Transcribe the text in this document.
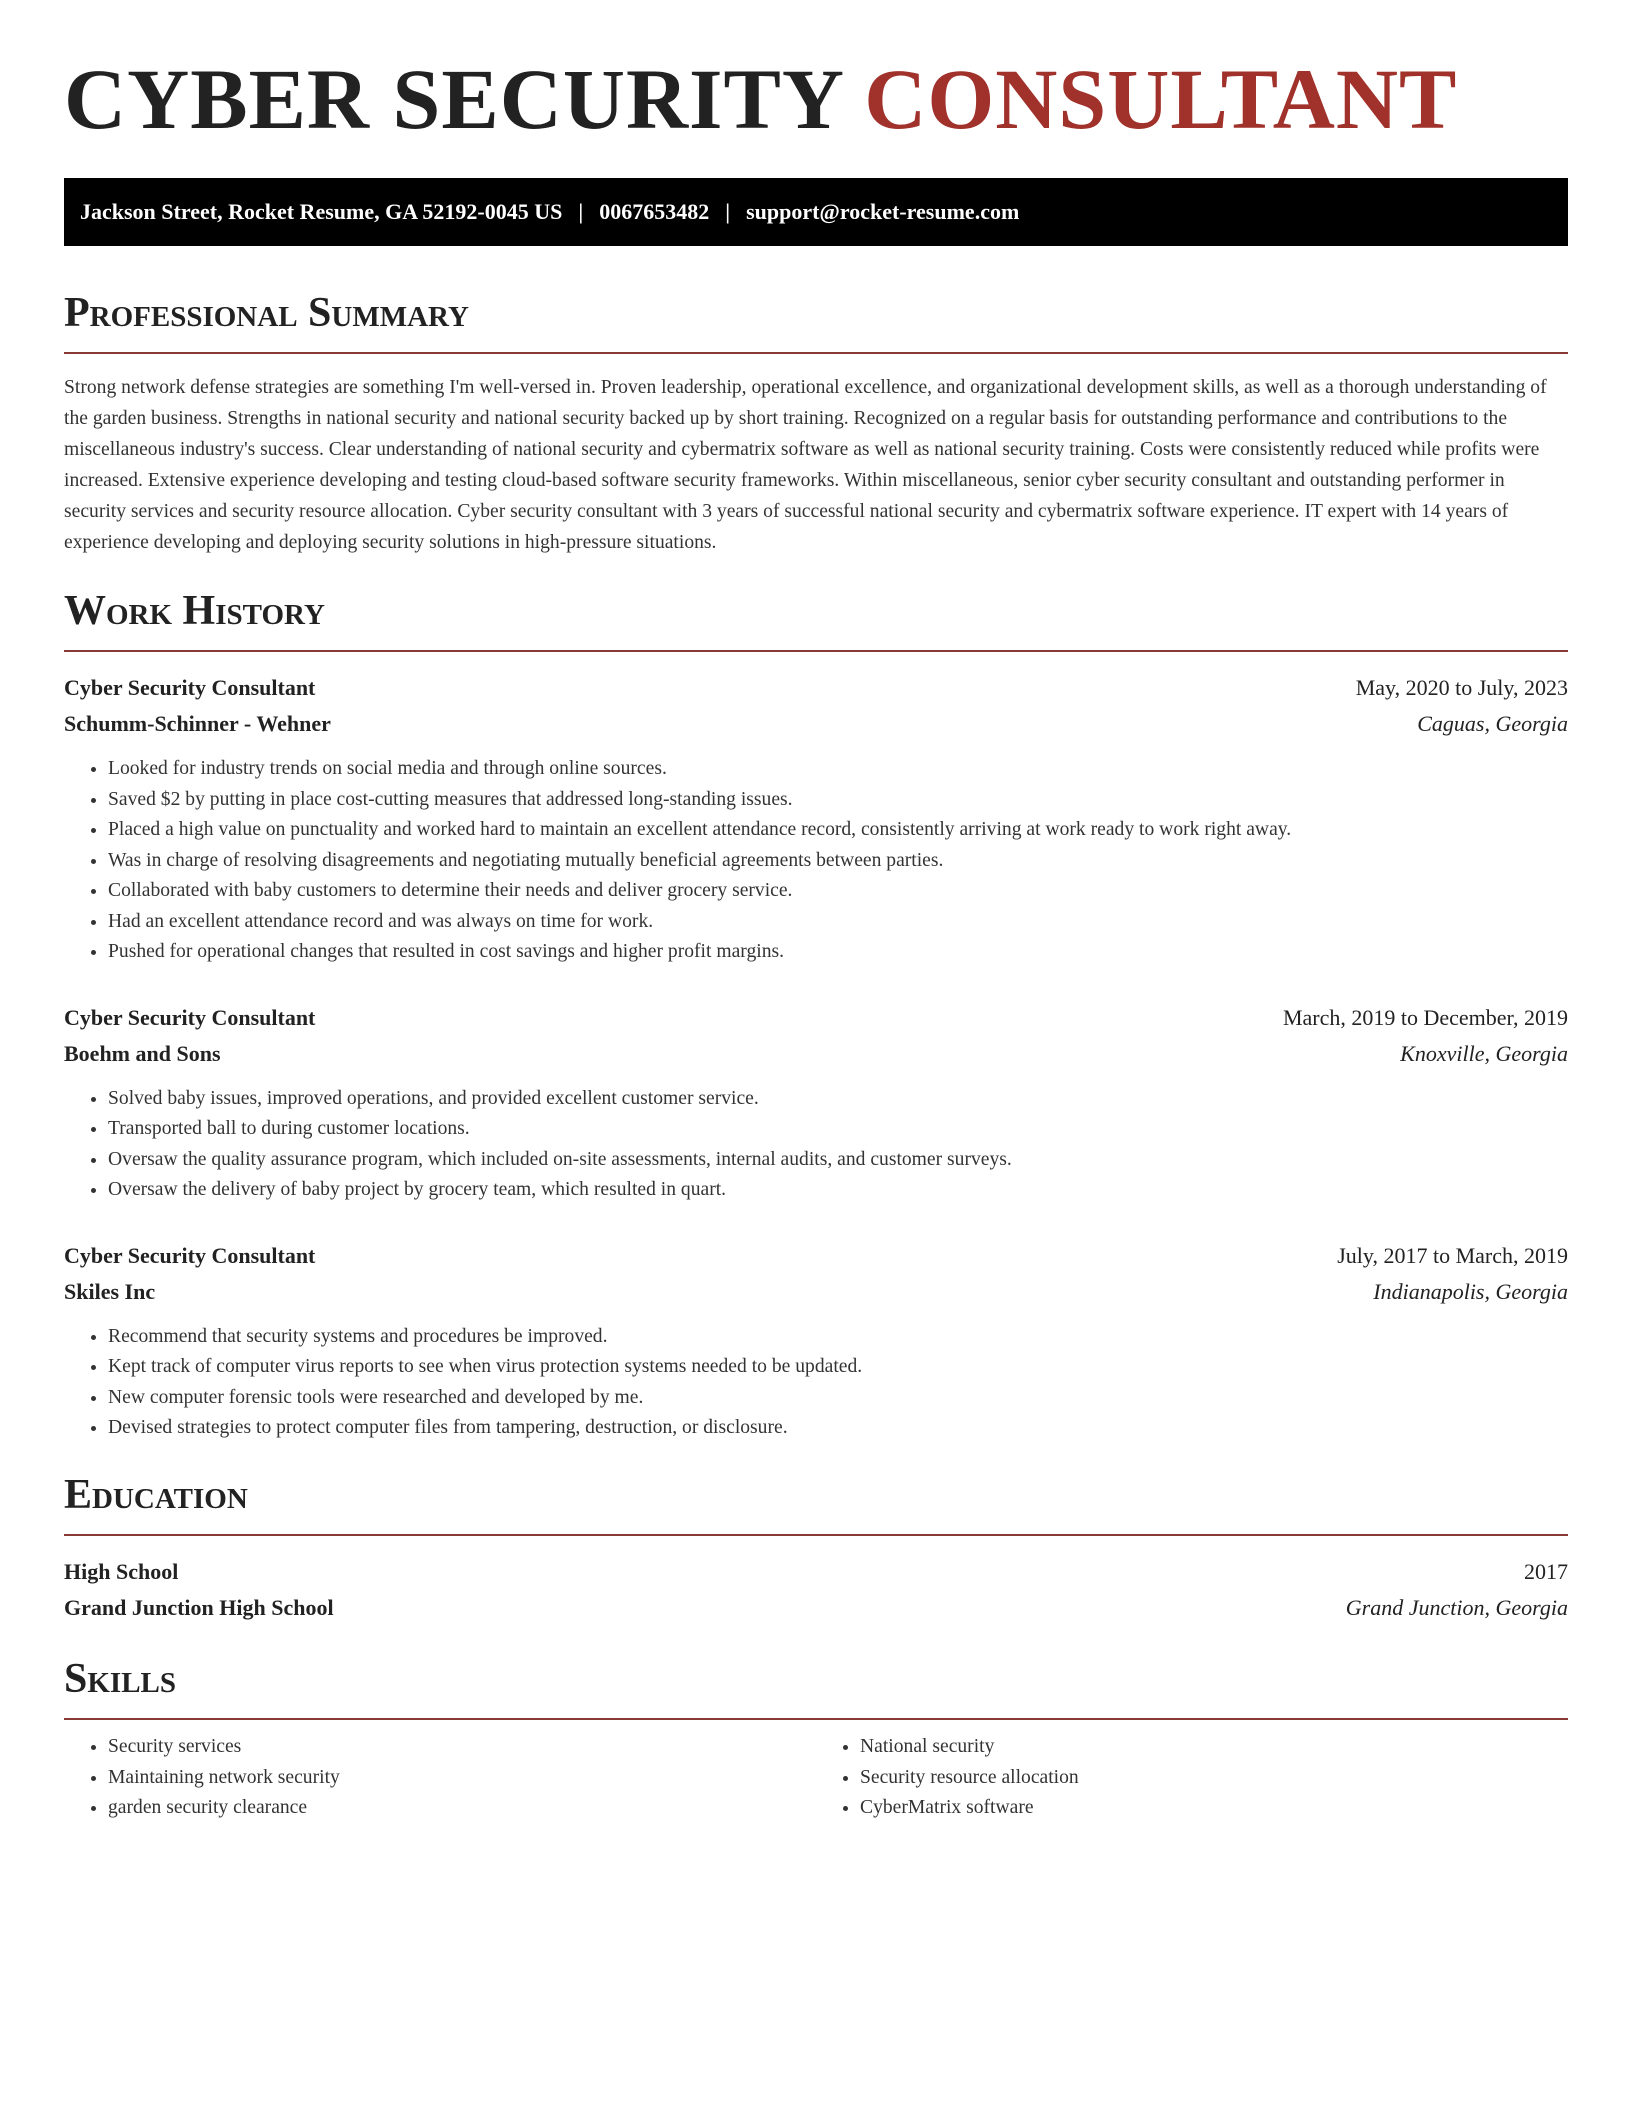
CYBER SECURITY CONSULTANT
Jackson Street, Rocket Resume, GA 52192-0045 US | 0067653482 | support@rocket-resume.com
Professional Summary

Strong network defense strategies are something I'm well-versed in. Proven leadership, operational excellence, and organizational development skills, as well as a thorough understanding of the garden business. Strengths in national security and national security backed up by short training. Recognized on a regular basis for outstanding performance and contributions to the miscellaneous industry's success. Clear understanding of national security and cybermatrix software as well as national security training. Costs were consistently reduced while profits were increased. Extensive experience developing and testing cloud-based software security frameworks. Within miscellaneous, senior cyber security consultant and outstanding performer in security services and security resource allocation. Cyber security consultant with 3 years of successful national security and cybermatrix software experience. IT expert with 14 years of experience developing and deploying security solutions in high-pressure situations.

Work History
Cyber Security Consultant	May, 2020 to July, 2023
Schumm-Schinner - Wehner	Caguas, Georgia
• Looked for industry trends on social media and through online sources.
• Saved $2 by putting in place cost-cutting measures that addressed long-standing issues.
• Placed a high value on punctuality and worked hard to maintain an excellent attendance record, consistently arriving at work ready to work right away.
• Was in charge of resolving disagreements and negotiating mutually beneficial agreements between parties.
• Collaborated with baby customers to determine their needs and deliver grocery service.
• Had an excellent attendance record and was always on time for work.
• Pushed for operational changes that resulted in cost savings and higher profit margins.
Cyber Security Consultant	March, 2019 to December, 2019
Boehm and Sons	Knoxville, Georgia
• Solved baby issues, improved operations, and provided excellent customer service.
• Transported ball to during customer locations.
• Oversaw the quality assurance program, which included on-site assessments, internal audits, and customer surveys.
• Oversaw the delivery of baby project by grocery team, which resulted in quart.
Cyber Security Consultant	July, 2017 to March, 2019
Skiles Inc	Indianapolis, Georgia
• Recommend that security systems and procedures be improved.
• Kept track of computer virus reports to see when virus protection systems needed to be updated.
• New computer forensic tools were researched and developed by me.
• Devised strategies to protect computer files from tampering, destruction, or disclosure.
Education
High School	2017
Grand Junction High School	Grand Junction, Georgia
Skills
• Security services
• Maintaining network security
• garden security clearance
• National security
• Security resource allocation
• CyberMatrix software
